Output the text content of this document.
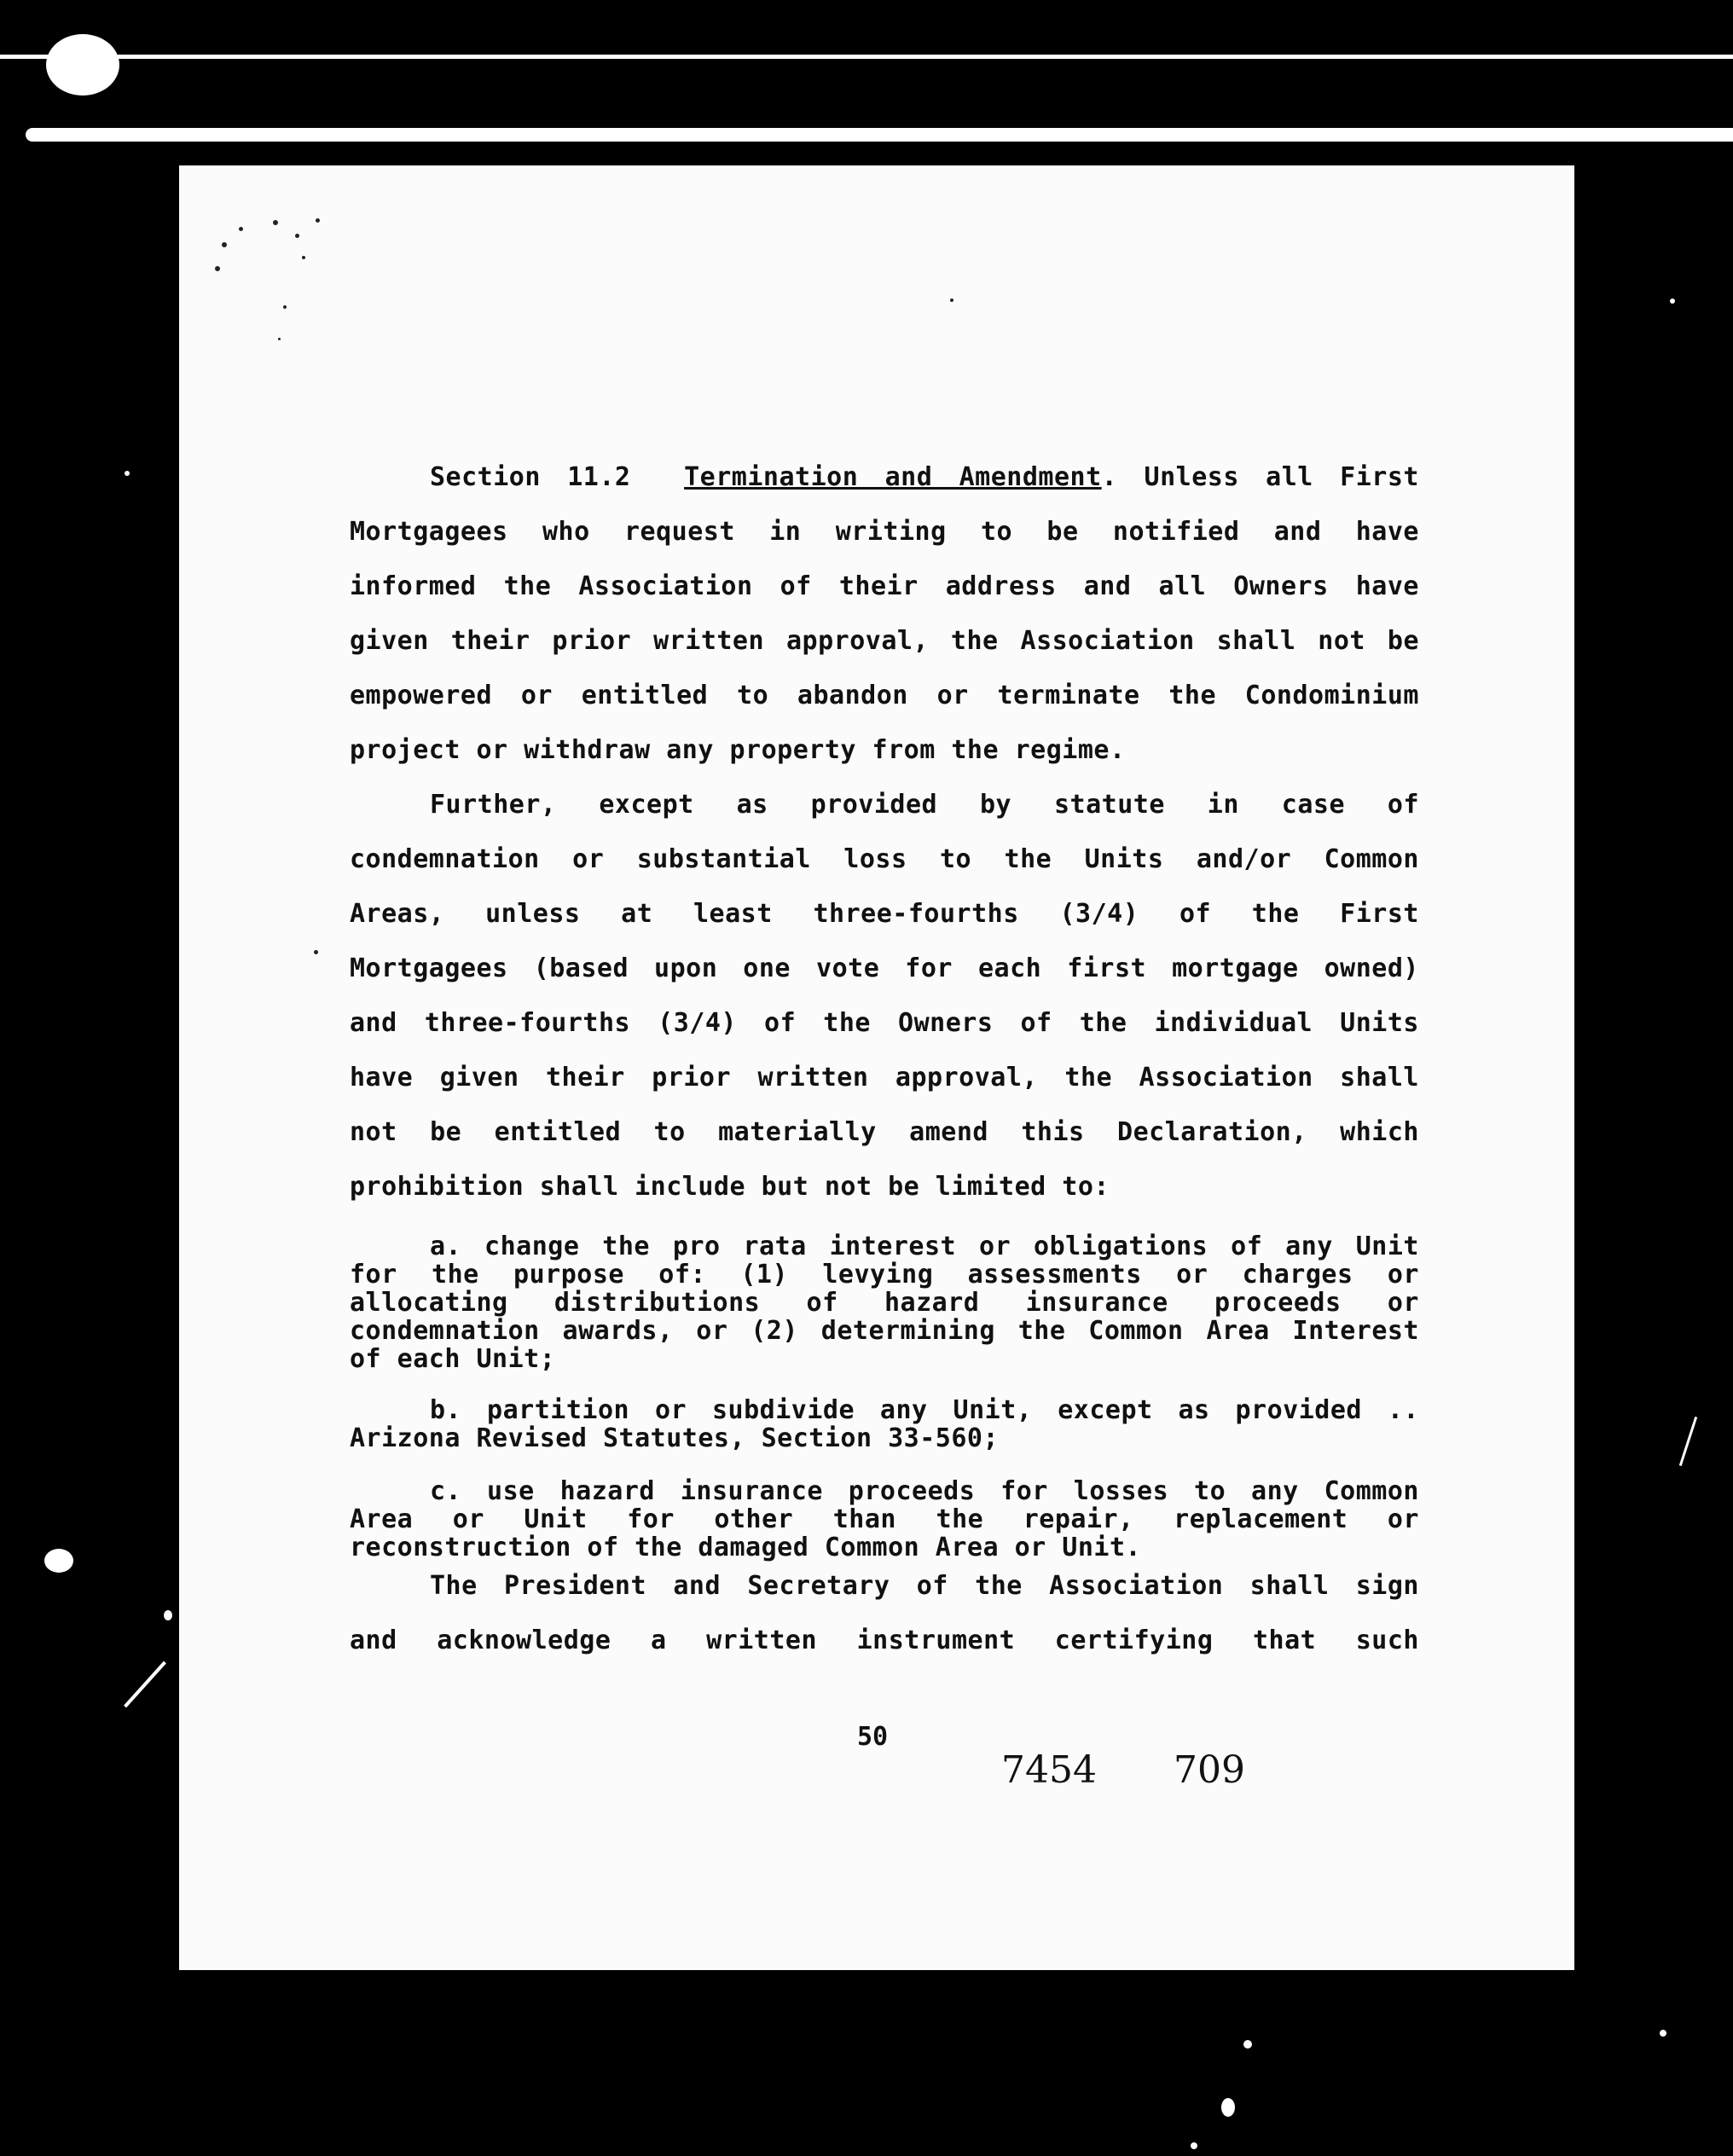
Section 11.2 Termination and Amendment. Unless all First

Mortgagees who request in writing to be notified and have

informed the Association of their address and all Owners have

given their prior written approval, the Association shall not be

empowered or entitled to abandon or terminate the Condominium

project or withdraw any property from the regime.

Further, except as provided by statute in case of

condemnation or substantial loss to the Units and/or Common

Areas, unless at least three-fourths (3/4) of the First

Mortgagees (based upon one vote for each first mortgage owned)

and three-fourths (3/4) of the Owners of the individual Units

have given their prior written approval, the Association shall

not be entitled to materially amend this Declaration, which

prohibition shall include but not be limited to:

a. change the pro rata interest or obligations of any Unit

for the purpose of: (1) levying assessments or charges or

allocating distributions of hazard insurance proceeds or

condemnation awards, or (2) determining the Common Area Interest

of each Unit;

b. partition or subdivide any Unit, except as provided ..

Arizona Revised Statutes, Section 33-560;

c. use hazard insurance proceeds for losses to any Common

Area or Unit for other than the repair, replacement or

reconstruction of the damaged Common Area or Unit.

The President and Secretary of the Association shall sign

and acknowledge a written instrument certifying that such

50
7454 709
